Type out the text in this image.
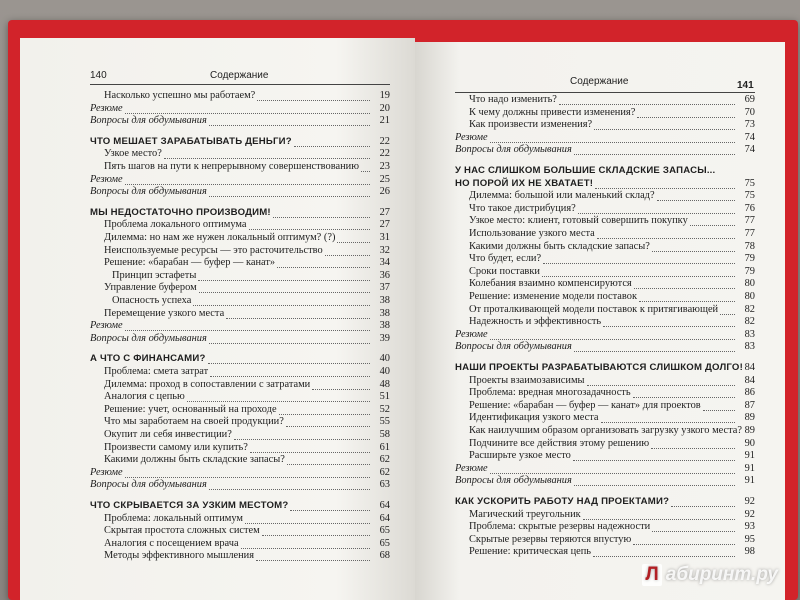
140	Содержание
Насколько успешно мы работаем?	19
Резюме	20
Вопросы для обдумывания	21
ЧТО МЕШАЕТ ЗАРАБАТЫВАТЬ ДЕНЬГИ?	22
Узкое место?	22
Пять шагов на пути к непрерывному совершенствованию 23
Резюме	25
Вопросы для обдумывания	26
МЫ НЕДОСТАТОЧНО ПРОИЗВОДИМ!	27
Проблема локального оптимума	27
Дилемма: но нам же нужен локальный оптимум? (?)	31
Неиспользуемые ресурсы — это расточительство	32
Решение: «барабан — буфер — канат»	34
Принцип эстафеты	36
Управление буфером	37
Опасность успеха	38
Перемещение узкого места	38
Резюме	38
Вопросы для обдумывания	39
А ЧТО С ФИНАНСАМИ?	40
Проблема: смета затрат	40
Дилемма: проход в сопоставлении с затратами	48
Аналогия с цепью	51
Решение: учет, основанный на проходе	52
Что мы заработаем на своей продукции?	55
Окупит ли себя инвестиции?	58
Произвести самому или купить?	61
Какими должны быть складские запасы?	62
Резюме	62
Вопросы для обдумывания	63
ЧТО СКРЫВАЕТСЯ ЗА УЗКИМ МЕСТОМ?	64
Проблема: локальный оптимум	64
Скрытая простота сложных систем	65
Аналогия с посещением врача	65
Методы эффективного мышления	68
Содержание	141
Что надо изменить?	69
К чему должны привести изменения?	70
Как произвести изменения?	73
Резюме	74
Вопросы для обдумывания	74
У НАС СЛИШКОМ БОЛЬШИЕ СКЛАДСКИЕ ЗАПАСЫ...
НО ПОРОЙ ИХ НЕ ХВАТАЕТ!	75
Дилемма: большой или маленький склад?	75
Что такое дистрибуция?	76
Узкое место: клиент, готовый совершить покупку	77
Использование узкого места	77
Какими должны быть складские запасы?	78
Что будет, если?	79
Сроки поставки	79
Колебания взаимно компенсируются	80
Решение: изменение модели поставок	80
От проталкивающей модели поставок к притягивающей	82
Надежность и эффективность	82
Резюме	83
Вопросы для обдумывания	83
НАШИ ПРОЕКТЫ РАЗРАБАТЫВАЮТСЯ СЛИШКОМ ДОЛГО! 84
Проекты взаимозависимы	84
Проблема: вредная многозадачность	86
Решение: «барабан — буфер — канат» для проектов	87
Идентификация узкого места	89
Как наилучшим образом организовать загрузку узкого места? 89
Подчините все действия этому решению	90
Расширьте узкое место	91
Резюме	91
Вопросы для обдумывания	91
КАК УСКОРИТЬ РАБОТУ НАД ПРОЕКТАМИ?	92
Магический треугольник	92
Проблема: скрытые резервы надежности	93
Скрытые резервы теряются впустую	95
Решение: критическая цепь	98
Л абиринт.ру
